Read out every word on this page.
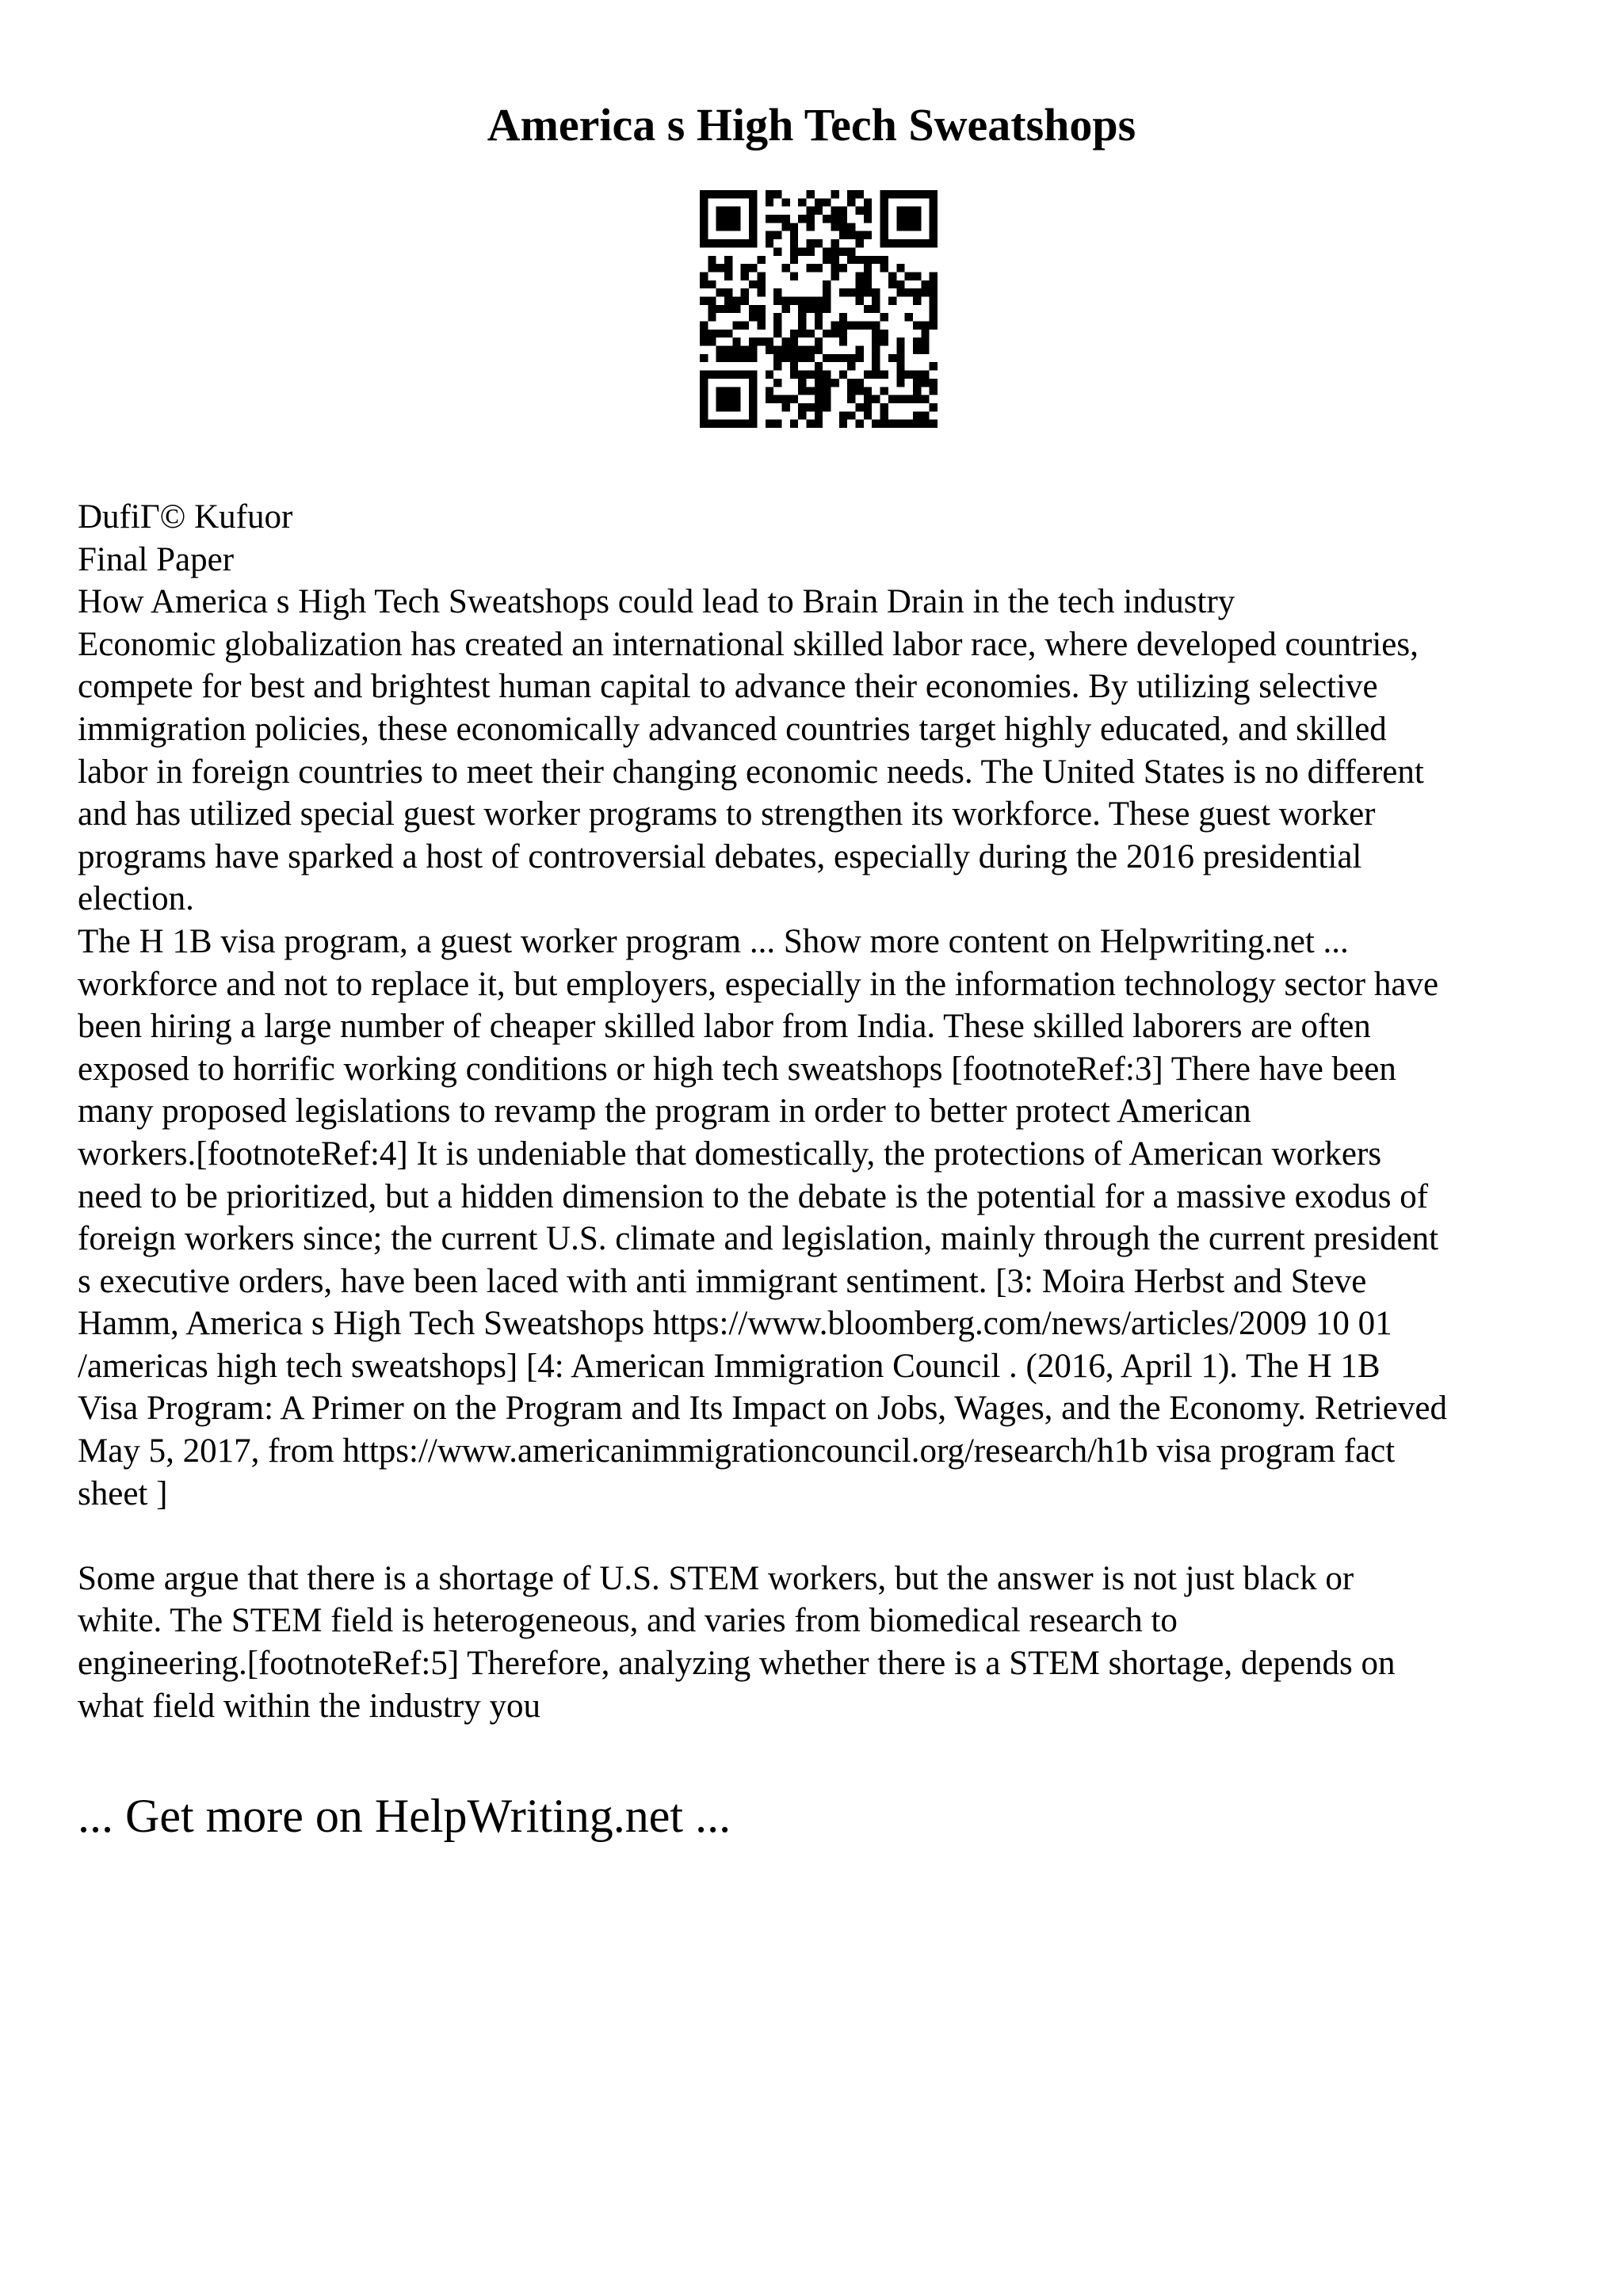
America s High Tech Sweatshops
DufiГ© Kufuor
Final Paper
How America s High Tech Sweatshops could lead to Brain Drain in the tech industry
Economic globalization has created an international skilled labor race, where developed countries,
compete for best and brightest human capital to advance their economies. By utilizing selective
immigration policies, these economically advanced countries target highly educated, and skilled
labor in foreign countries to meet their changing economic needs. The United States is no different
and has utilized special guest worker programs to strengthen its workforce. These guest worker
programs have sparked a host of controversial debates, especially during the 2016 presidential
election.
The H 1B visa program, a guest worker program ... Show more content on Helpwriting.net ...
workforce and not to replace it, but employers, especially in the information technology sector have
been hiring a large number of cheaper skilled labor from India. These skilled laborers are often
exposed to horrific working conditions or high tech sweatshops [footnoteRef:3] There have been
many proposed legislations to revamp the program in order to better protect American
workers.[footnoteRef:4] It is undeniable that domestically, the protections of American workers
need to be prioritized, but a hidden dimension to the debate is the potential for a massive exodus of
foreign workers since; the current U.S. climate and legislation, mainly through the current president
s executive orders, have been laced with anti immigrant sentiment. [3: Moira Herbst and Steve
Hamm, America s High Tech Sweatshops https://www.bloomberg.com/news/articles/2009 10 01
/americas high tech sweatshops] [4: American Immigration Council . (2016, April 1). The H 1B
Visa Program: A Primer on the Program and Its Impact on Jobs, Wages, and the Economy. Retrieved
May 5, 2017, from https://www.americanimmigrationcouncil.org/research/h1b visa program fact
sheet ]
Some argue that there is a shortage of U.S. STEM workers, but the answer is not just black or
white. The STEM field is heterogeneous, and varies from biomedical research to
engineering.[footnoteRef:5] Therefore, analyzing whether there is a STEM shortage, depends on
what field within the industry you

... Get more on HelpWriting.net ...
